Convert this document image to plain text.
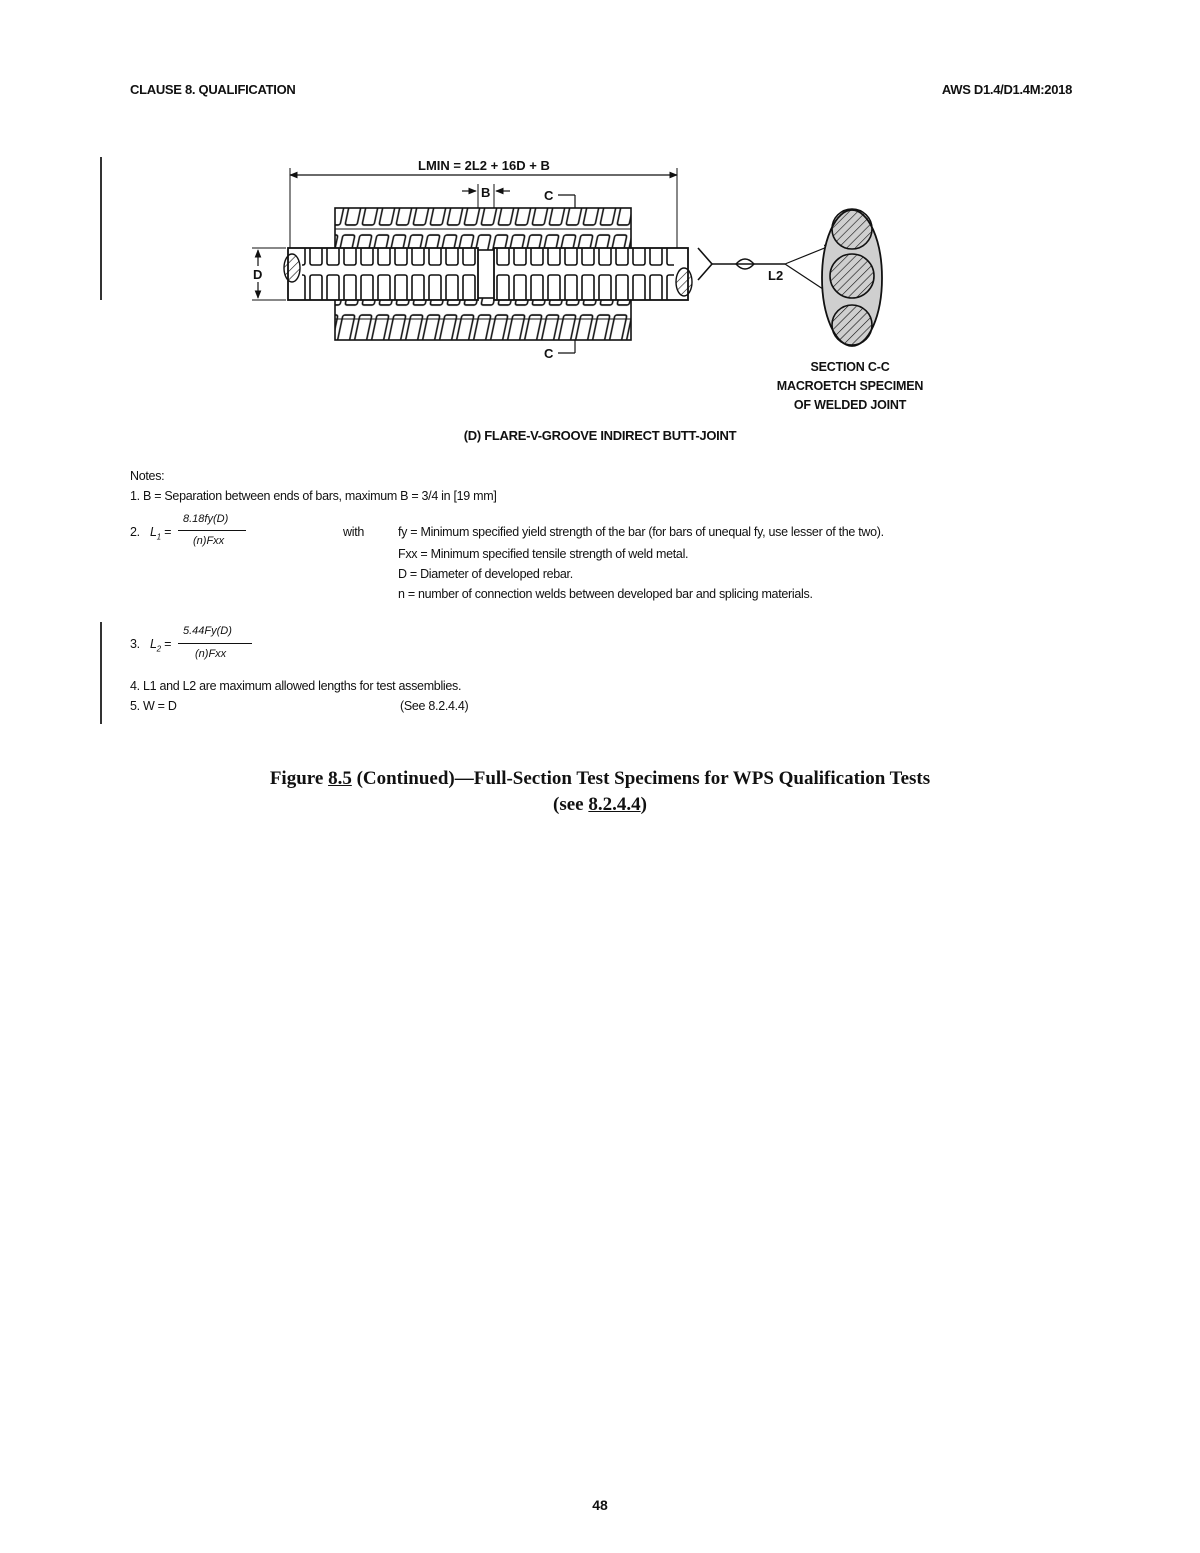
CLAUSE 8. QUALIFICATION	AWS D1.4/D1.4M:2018
LMIN = 2L2 + 16D + B
B	C
C

D	L2
SECTION C-C
MACROETCH SPECIMEN
OF WELDED JOINT
(D) FLARE-V-GROOVE INDIRECT BUTT-JOINT
Notes:
1. B = Separation between ends of bars, maximum B = 3/4 in [19 mm]
2. $L_1$ =
8.18fy(D)
(n)Fxx
with	fy = Minimum specified yield strength of the bar (for bars of unequal fy, use lesser of the two).
Fxx = Minimum specified tensile strength of weld metal.
D = Diameter of developed rebar.
n = number of connection welds between developed bar and splicing materials.
3. $L_2$ =
5.44Fy(D)
(n)Fxx
4. L1 and L2 are maximum allowed lengths for test assemblies.
5. W = D	(See 8.2.4.4)
Figure 8.5 (Continued)—Full-Section Test Specimens for WPS Qualification Tests
(see 8.2.4.4)
48
